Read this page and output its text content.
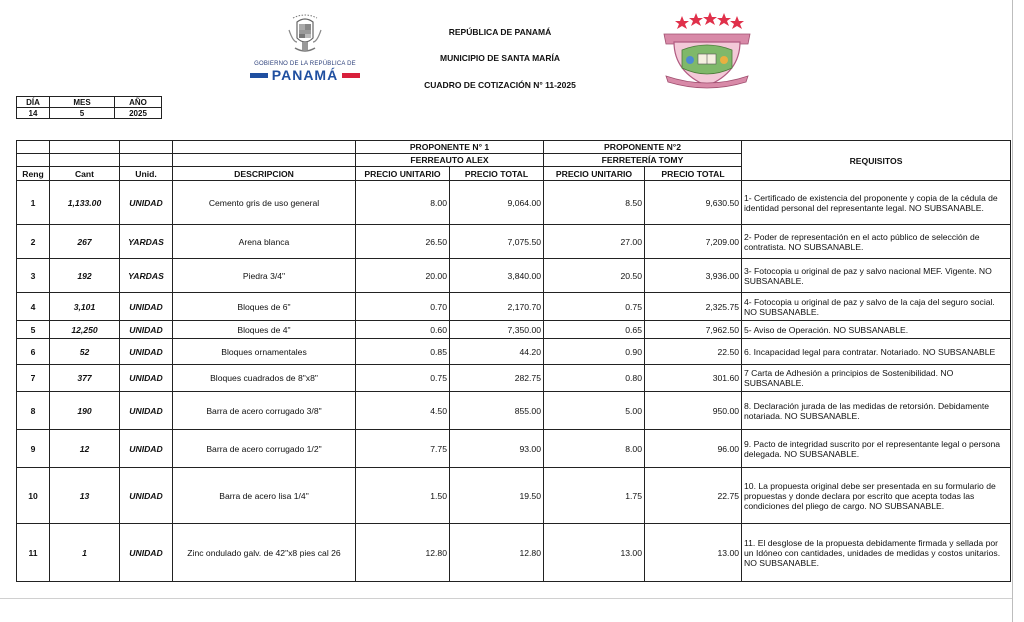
GOBIERNO DE LA REPÚBLICA DE
PANAMÁ
REPÚBLICA DE PANAMÁ
MUNICIPIO DE SANTA MARÍA
CUADRO DE COTIZACIÓN N° 11-2025
DÍA	MES	AÑO
14	5	2025
				PROPONENTE N° 1		PROPONENTE N°2		REQUISITOS
				FERREAUTO ALEX		FERRETERÍA TOMY		
Reng	Cant	Unid.	DESCRIPCION	PRECIO UNITARIO	PRECIO TOTAL	PRECIO UNITARIO	PRECIO TOTAL	
1	1,133.00	UNIDAD	Cemento gris de uso general	8.00	9,064.00	8.50	9,630.50	1- Certificado de existencia del proponente y copia de la cédula de identidad personal del representante legal. NO SUBSANABLE.
2	267	YARDAS	Arena blanca	26.50	7,075.50	27.00	7,209.00	2- Poder de representación en el acto público de selección de contratista. NO SUBSANABLE.
3	192	YARDAS	Piedra 3/4"	20.00	3,840.00	20.50	3,936.00	3- Fotocopia u original de paz y salvo nacional MEF. Vigente. NO SUBSANABLE.
4	3,101	UNIDAD	Bloques de 6"	0.70	2,170.70	0.75	2,325.75	4- Fotocopia u original de paz y salvo de la caja del seguro social. NO SUBSANABLE.
5	12,250	UNIDAD	Bloques de 4"	0.60	7,350.00	0.65	7,962.50	5- Aviso de Operación. NO SUBSANABLE.
6	52	UNIDAD	Bloques ornamentales	0.85	44.20	0.90	22.50	6. Incapacidad legal para contratar. Notariado. NO SUBSANABLE
7	377	UNIDAD	Bloques cuadrados de 8"x8"	0.75	282.75	0.80	301.60	7 Carta de Adhesión a principios de Sostenibilidad. NO SUBSANABLE.
8	190	UNIDAD	Barra de acero corrugado 3/8"	4.50	855.00	5.00	950.00	8. Declaración jurada de las medidas de retorsión. Debidamente notariada. NO SUBSANABLE.
9	12	UNIDAD	Barra de acero corrugado 1/2"	7.75	93.00	8.00	96.00	9. Pacto de integridad suscrito por el representante legal o persona delegada. NO SUBSANABLE.
10	13	UNIDAD	Barra de acero lisa 1/4"	1.50	19.50	1.75	22.75	10. La propuesta original debe ser presentada en su formulario de propuestas y donde declara por escrito que acepta todas las condiciones del pliego de cargo. NO SUBSANABLE.
11	1	UNIDAD	Zinc ondulado galv. de 42"x8 pies cal 26	12.80	12.80	13.00	13.00	11. El desglose de la propuesta debidamente firmada y sellada por un Idóneo con cantidades, unidades de medidas y costos unitarios. NO SUBSANABLE.
